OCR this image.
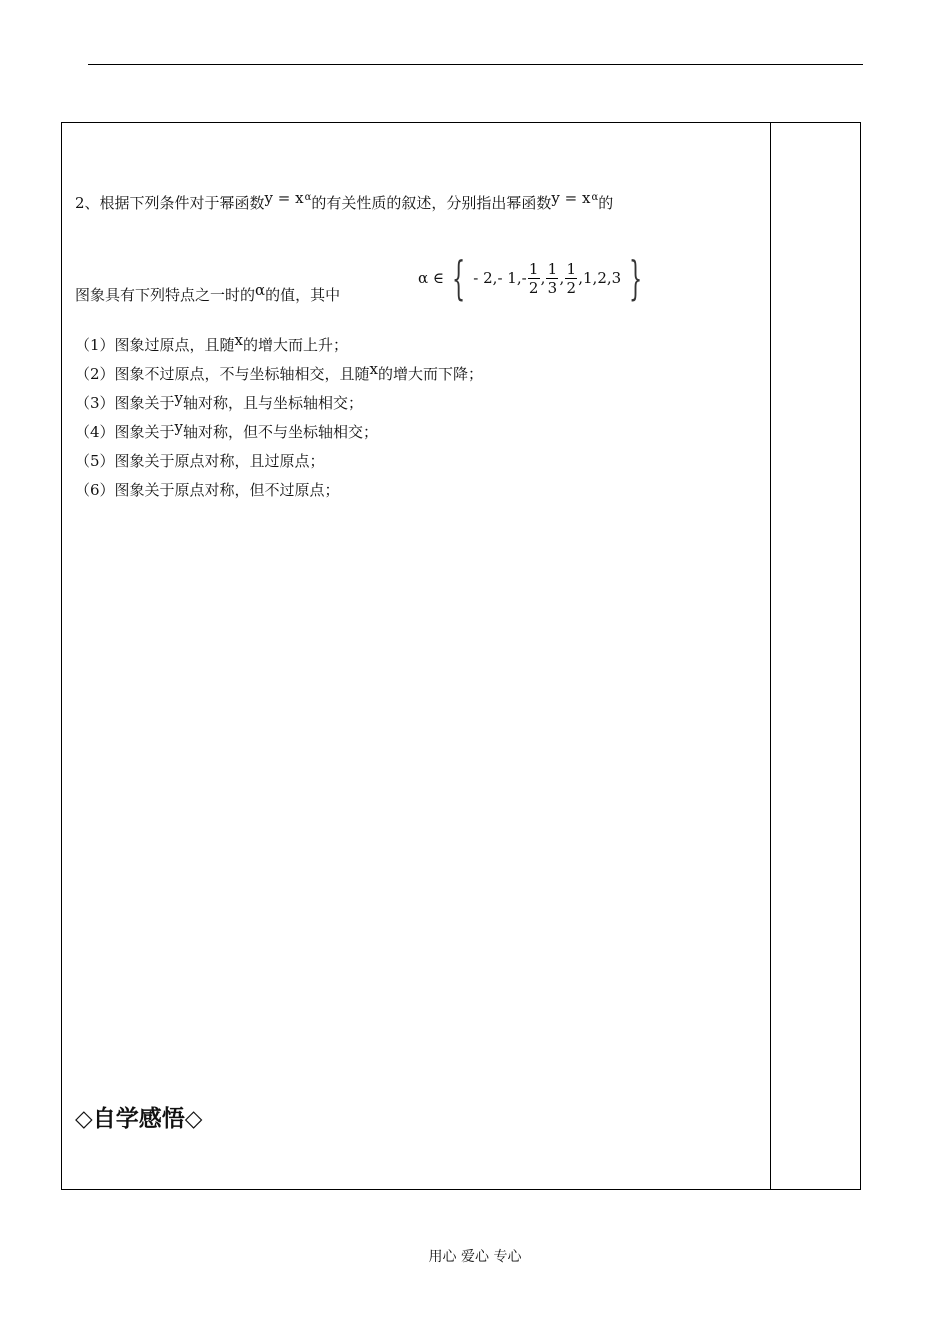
2、根据下列条件对于幂函数$y = x^\alpha$的有关性质的叙述，分别指出幂函数$y = x^\alpha$的
α ∈ { - 2,- $1,- \frac{1}{2}$ , $\frac{1}{3}$ , $\frac{1}{2} ,1,2,3$ }
图象具有下列特点之一时的α的值，其中
（1）图象过原点，且随x的增大而上升；
（2）图象不过原点，不与坐标轴相交，且随x的增大而下降；
（3）图象关于y轴对称，且与坐标轴相交；
（4）图象关于y轴对称，但不与坐标轴相交；
（5）图象关于原点对称，且过原点；
（6）图象关于原点对称，但不过原点；
◇自学感悟◇
用心 爱心 专心
